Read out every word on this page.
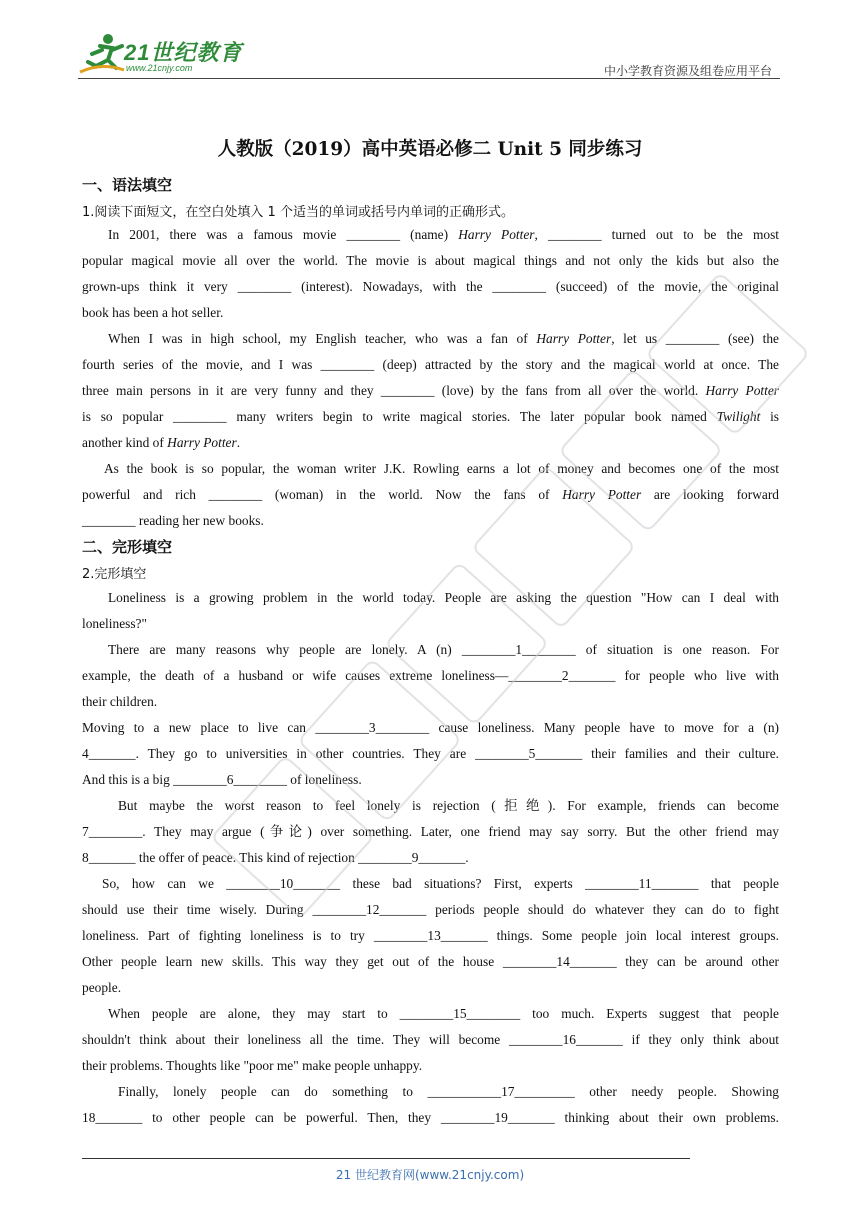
21世纪教育
www.21cnjy.com	中小学教育资源及组卷应用平台
人教版（2019）高中英语必修二 Unit 5 同步练习
一、语法填空
1.阅读下面短文，在空白处填入 1 个适当的单词或括号内单词的正确形式。
In 2001, there was a famous movie ________ (name) Harry Potter, ________ turned out to be the most
popular magical movie all over the world. The movie is about magical things and not only the kids but also the
grown-ups think it very ________ (interest). Nowadays, with the ________ (succeed) of the movie, the original
book has been a hot seller.
When I was in high school, my English teacher, who was a fan of Harry Potter, let us ________ (see) the
fourth series of the movie, and I was ________ (deep) attracted by the story and the magical world at once. The
three main persons in it are very funny and they ________ (love) by the fans from all over the world. Harry Potter
is so popular ________ many writers begin to write magical stories. The later popular book named Twilight is
another kind of Harry Potter.
As the book is so popular, the woman writer J.K. Rowling earns a lot of money and becomes one of the most
powerful and rich ________ (woman) in the world. Now the fans of Harry Potter are looking forward
________ reading her new books.
二、完形填空
2.完形填空
Loneliness is a growing problem in the world today. People are asking the question "How can I deal with
loneliness?"
There are many reasons why people are lonely. A (n) ________1________ of situation is one reason. For
example, the death of a husband or wife causes extreme loneliness—________2_______ for people who live with
their children.
Moving to a new place to live can ________3________ cause loneliness. Many people have to move for a (n)
4_______. They go to universities in other countries. They are ________5_______ their families and their culture.
And this is a big ________6________ of loneliness.
But maybe the worst reason to feel lonely is rejection (拒绝). For example, friends can become
7________. They may argue (争论) over something. Later, one friend may say sorry. But the other friend may
8_______ the offer of peace. This kind of rejection ________9_______.
So, how can we ________10_______ these bad situations? First, experts ________11_______ that people
should use their time wisely. During ________12_______ periods people should do whatever they can do to fight
loneliness. Part of fighting loneliness is to try ________13_______ things. Some people join local interest groups.
Other people learn new skills. This way they get out of the house ________14_______ they can be around other
people.
When people are alone, they may start to ________15________ too much. Experts suggest that people
shouldn't think about their loneliness all the time. They will become ________16_______ if they only think about
their problems. Thoughts like "poor me" make people unhappy.
Finally, lonely people can do something to ___________17_________ other needy people. Showing
18_______ to other people can be powerful. Then, they ________19_______ thinking about their own problems.
21 世纪教育网(www.21cnjy.com)
